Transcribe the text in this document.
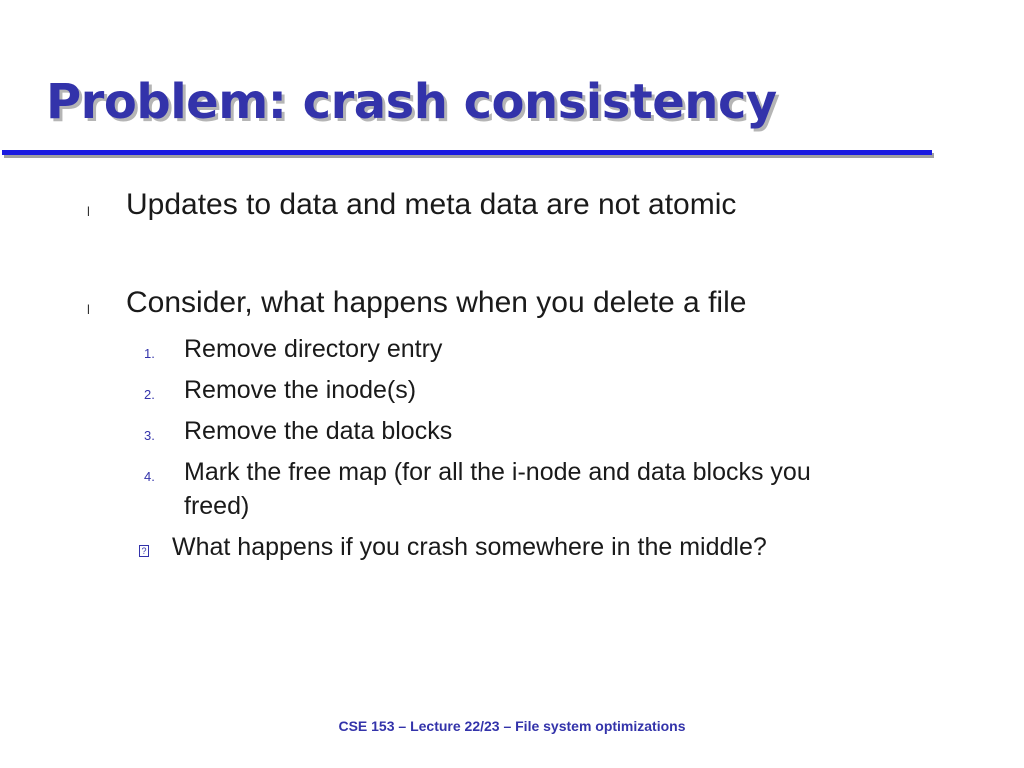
Problem: crash consistency
l Updates to data and meta data are not atomic
l Consider, what happens when you delete a file
1. Remove directory entry
2. Remove the inode(s)
3. Remove the data blocks
4. Mark the free map (for all the i-node and data blocks you
freed)
? What happens if you crash somewhere in the middle?
CSE 153 – Lecture 22/23 – File system optimizations
